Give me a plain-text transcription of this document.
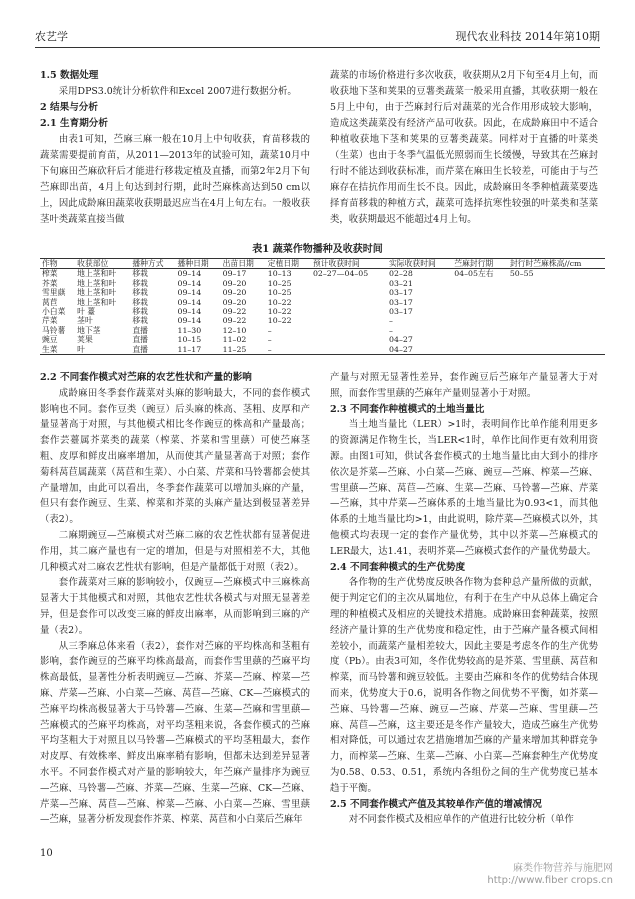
农艺学	现代农业科技 2014年第10期
1.5 数据处理

采用DPS3.0统计分析软件和Excel 2007进行数据分析。

2 结果与分析
2.1 生育期分析

由表1可知，苎麻三麻一般在10月上中旬收获，育苗移栽的蔬菜需要提前育苗，从2011—2013年的试验可知，蔬菜10月中下旬麻田苎麻砍秆后才能进行移栽定植及直播，而第2年2月下旬苎麻即出苗，4月上旬达到封行期，此时苎麻株高达到50 cm以上，因此成龄麻田蔬菜收获期最迟应当在4月上旬左右。一般收获茎叶类蔬菜直接当做

蔬菜的市场价格进行多次收获，收获期从2月下旬至4月上旬，而收获地下茎和荚果的豆薯类蔬菜一般采用直播，其收获期一般在5月上中旬，由于苎麻封行后对蔬菜的光合作用形成较大影响，造成这类蔬菜没有经济产品可收获。因此，在成龄麻田中不适合种植收获地下茎和荚果的豆薯类蔬菜。同样对于直播的叶菜类（生菜）也由于冬季气温低光照弱而生长缓慢，导致其在苎麻封行时不能达到收获标准，而芹菜在麻田生长较差，可能由于与苎麻存在拮抗作用而生长不良。因此，成龄麻田冬季种植蔬菜要选择育苗移栽的种植方式，蔬菜可选择抗寒性较强的叶菜类和茎菜类，收获期最迟不能超过4月上旬。

表1 蔬菜作物播种及收获时间
作物	收获部位	播种方式	播种日期	出苗日期	定植日期	预计收获时间	实际收获时间	苎麻封行期	封行时苎麻株高//cm
榨菜	地上茎和叶	移栽	09–14	09–17	10–13	02–27—04–05	02–28	04–05左右	50–55
芥菜	地上茎和叶	移栽	09–14	09–20	10–25		03–21		
雪里蕻	地上茎和叶	移栽	09–14	09–20	10–25		03–17		
莴苣	地上茎和叶	移栽	09–14	09–20	10–22		03–17		
小白菜	叶 薹	移栽	09–14	09–22	10–22		03–17		
芹菜	茎叶	移栽	09–14	09–22	10–22		–		
马铃薯	地下茎	直播	11–30	12–10	–		–		
豌豆	荚果	直播	10–15	11–02	–		04–27		
生菜	叶	直播	11–17	11–25	–		04–27		
2.2 不同套作模式对苎麻的农艺性状和产量的影响

成龄麻田冬季套作蔬菜对头麻的影响最大，不同的套作模式影响也不同。套作豆类（豌豆）后头麻的株高、茎粗、皮厚和产量显著高于对照，与其他模式相比冬作豌豆的株高和产量最高；套作芸薹属芥菜类的蔬菜（榨菜、芥菜和雪里蕻）可使苎麻茎粗、皮厚和鲜皮出麻率增加，从而使其产量显著高于对照；套作菊科莴苣属蔬菜（莴苣和生菜）、小白菜、芹菜和马铃薯都会使其产量增加，由此可以看出，冬季套作蔬菜可以增加头麻的产量，但只有套作豌豆、生菜、榨菜和芥菜的头麻产量达到极显著差异（表2）。

二麻期豌豆—苎麻模式对苎麻二麻的农艺性状都有显著促进作用，其二麻产量也有一定的增加，但是与对照相差不大，其他几种模式对二麻农艺性状有影响，但是产量都低于对照（表2）。

套作蔬菜对三麻的影响较小，仅豌豆—苎麻模式中三麻株高显著大于其他模式和对照，其他农艺性状各模式与对照无显著差异，但是套作可以改变三麻的鲜皮出麻率，从而影响到三麻的产量（表2）。

从三季麻总体来看（表2），套作对苎麻的平均株高和茎粗有影响，套作豌豆的苎麻平均株高最高，而套作雪里蕻的苎麻平均株高最低，显著性分析表明豌豆—苎麻、芥菜—苎麻、榨菜—苎麻、芹菜—苎麻、小白菜—苎麻、莴苣—苎麻、CK—苎麻模式的苎麻平均株高极显著大于马铃薯—苎麻、生菜—苎麻和雪里蕻—苎麻模式的苎麻平均株高，对平均茎粗来说，各套作模式的苎麻平均茎粗大于对照且以马铃薯—苎麻模式的平均茎粗最大，套作对皮厚、有效株率、鲜皮出麻率稍有影响，但都未达到差异显著水平。不同套作模式对产量的影响较大，年苎麻产量排序为豌豆—苎麻、马铃薯—苎麻、芥菜—苎麻、生菜—苎麻、CK—苎麻、芹菜—苎麻、莴苣—苎麻、榨菜—苎麻、小白菜—苎麻、雪里蕻—苎麻，显著分析发现套作芥菜、榨菜、莴苣和小白菜后苎麻年

产量与对照无显著性差异，套作豌豆后苎麻年产量显著大于对照，而套作雪里蕻的苎麻年产量则显著小于对照。

2.3 不同套作种植模式的土地当量比

当土地当量比（LER）>1时，表明间作比单作能利用更多的资源满足作物生长，当LER<1时，单作比间作更有效利用资源。由图1可知，供试各套作模式的土地当量比由大到小的排序依次是芥菜—苎麻、小白菜—苎麻、豌豆—苎麻、榨菜—苎麻、雪里蕻—苎麻、莴苣—苎麻、生菜—苎麻、马铃薯—苎麻、芹菜—苎麻，其中芹菜—苎麻体系的土地当量比为0.93<1，而其他体系的土地当量比均>1，由此说明，除芹菜—苎麻模式以外，其他模式均表现一定的套作产量优势，其中以芥菜—苎麻模式的LER最大，达1.41，表明芥菜—苎麻模式套作的产量优势最大。

2.4 不同套种模式的生产优势度

各作物的生产优势度反映各作物为套种总产量所做的贡献，便于判定它们的主次从属地位，有利于在生产中从总体上确定合理的种植模式及相应的关键技术措施。成龄麻田套种蔬菜，按照经济产量计算的生产优势度和稳定性，由于苎麻产量各模式间相差较小，而蔬菜产量相差较大，因此主要是考虑冬作的生产优势度（Pb）。由表3可知，冬作优势较高的是芥菜、雪里蕻、莴苣和榨菜，而马铃薯和豌豆较低。主要由苎麻和冬作的优势结合体现而来，优势度大于0.6，说明各作物之间优势不平衡，如芥菜—苎麻、马铃薯—苎麻、豌豆—苎麻、芹菜—苎麻、雪里蕻—苎麻、莴苣—苎麻，这主要还是冬作产量较大，造成苎麻生产优势相对降低，可以通过农艺措施增加苎麻的产量来增加其种群竞争力，而榨菜—苎麻、生菜—苎麻、小白菜—苎麻套种生产优势度为0.58、0.53、0.51，系统内各组份之间的生产优势度已基本趋于平衡。

2.5 不同套作模式产值及其较单作产值的增减情况

对不同套作模式及相应单作的产值进行比较分析（单作

10
麻类作物营养与施肥网
http://www.fiber crops.cn
